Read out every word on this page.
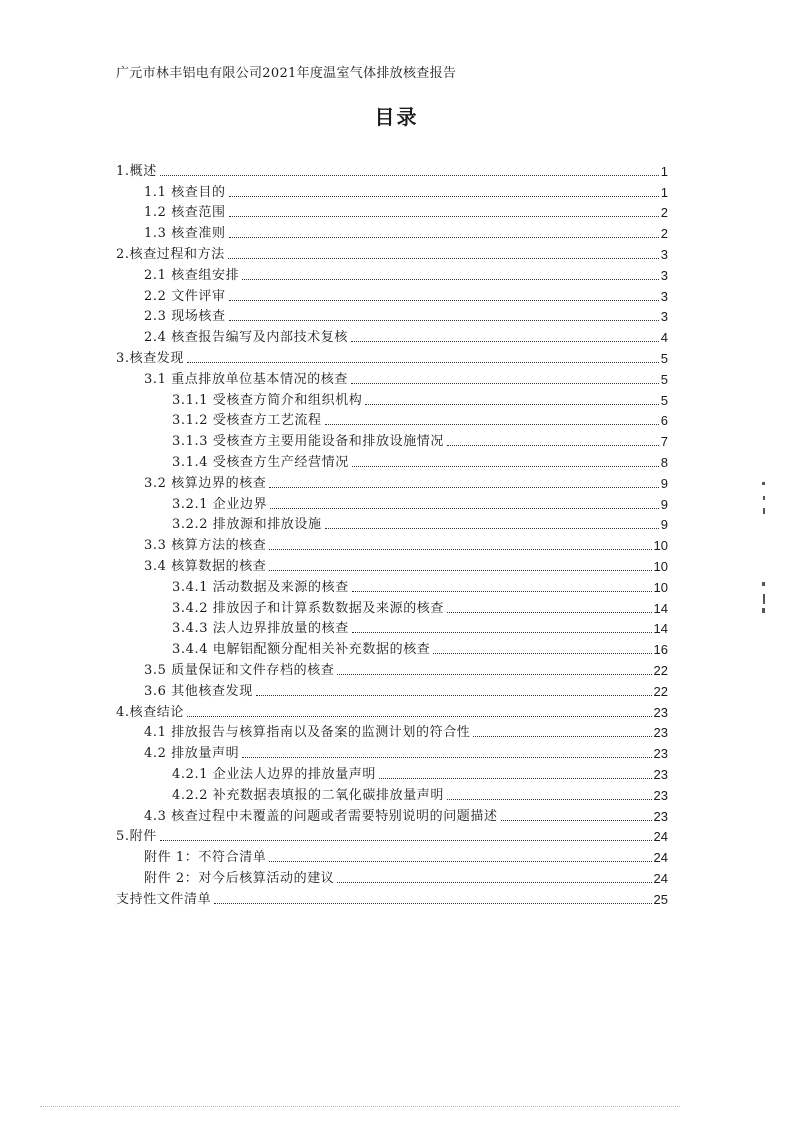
广元市林丰铝电有限公司2021年度温室气体排放核查报告
目录
1.概述	1
1.1 核查目的	1
1.2 核查范围	2
1.3 核查准则	2
2.核查过程和方法	3
2.1 核查组安排	3
2.2 文件评审	3
2.3 现场核查	3
2.4 核查报告编写及内部技术复核	4
3.核查发现	5
3.1 重点排放单位基本情况的核查	5
3.1.1 受核查方简介和组织机构	5
3.1.2 受核查方工艺流程	6
3.1.3 受核查方主要用能设备和排放设施情况	7
3.1.4 受核查方生产经营情况	8
3.2 核算边界的核查	9
3.2.1 企业边界	9
3.2.2 排放源和排放设施	9
3.3 核算方法的核查	10
3.4 核算数据的核查	10
3.4.1 活动数据及来源的核查	10
3.4.2 排放因子和计算系数数据及来源的核查	14
3.4.3 法人边界排放量的核查	14
3.4.4 电解铝配额分配相关补充数据的核查	16
3.5 质量保证和文件存档的核查	22
3.6 其他核查发现	22
4.核查结论	23
4.1 排放报告与核算指南以及备案的监测计划的符合性	23
4.2 排放量声明	23
4.2.1 企业法人边界的排放量声明	23
4.2.2 补充数据表填报的二氧化碳排放量声明	23
4.3 核查过程中未覆盖的问题或者需要特别说明的问题描述	23
5.附件	24
附件 1：不符合清单	24
附件 2：对今后核算活动的建议	24
支持性文件清单	25
